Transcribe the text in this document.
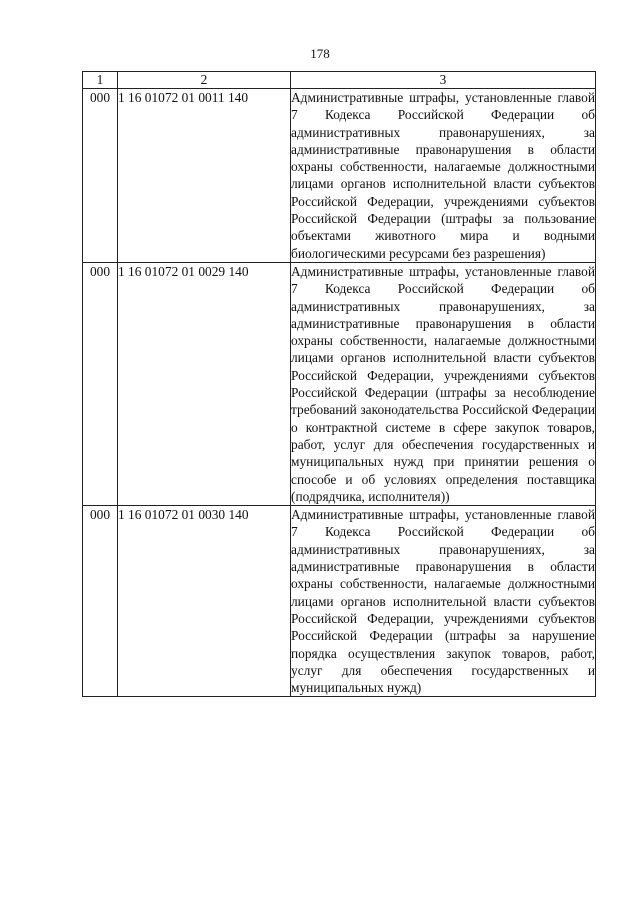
178
1	2	3
000	1 16 01072 01 0011 140	Административные штрафы, установленные главой 7 Кодекса Российской Федерации об административных правонарушениях, за административные правонарушения в области охраны собственности, налагаемые должностными лицами органов исполнительной власти субъектов Российской Федерации, учреждениями субъектов Российской Федерации (штрафы за пользование объектами животного мира и водными биологическими ресурсами без разрешения)
000	1 16 01072 01 0029 140	Административные штрафы, установленные главой 7 Кодекса Российской Федерации об административных правонарушениях, за административные правонарушения в области охраны собственности, налагаемые должностными лицами органов исполнительной власти субъектов Российской Федерации, учреждениями субъектов Российской Федерации (штрафы за несоблюдение требований законодательства Российской Федерации о контрактной системе в сфере закупок товаров, работ, услуг для обеспечения государственных и муниципальных нужд при принятии решения о способе и об условиях определения поставщика (подрядчика, исполнителя))
000	1 16 01072 01 0030 140	Административные штрафы, установленные главой 7 Кодекса Российской Федерации об административных правонарушениях, за административные правонарушения в области охраны собственности, налагаемые должностными лицами органов исполнительной власти субъектов Российской Федерации, учреждениями субъектов Российской Федерации (штрафы за нарушение порядка осуществления закупок товаров, работ, услуг для обеспечения государственных и муниципальных нужд)
